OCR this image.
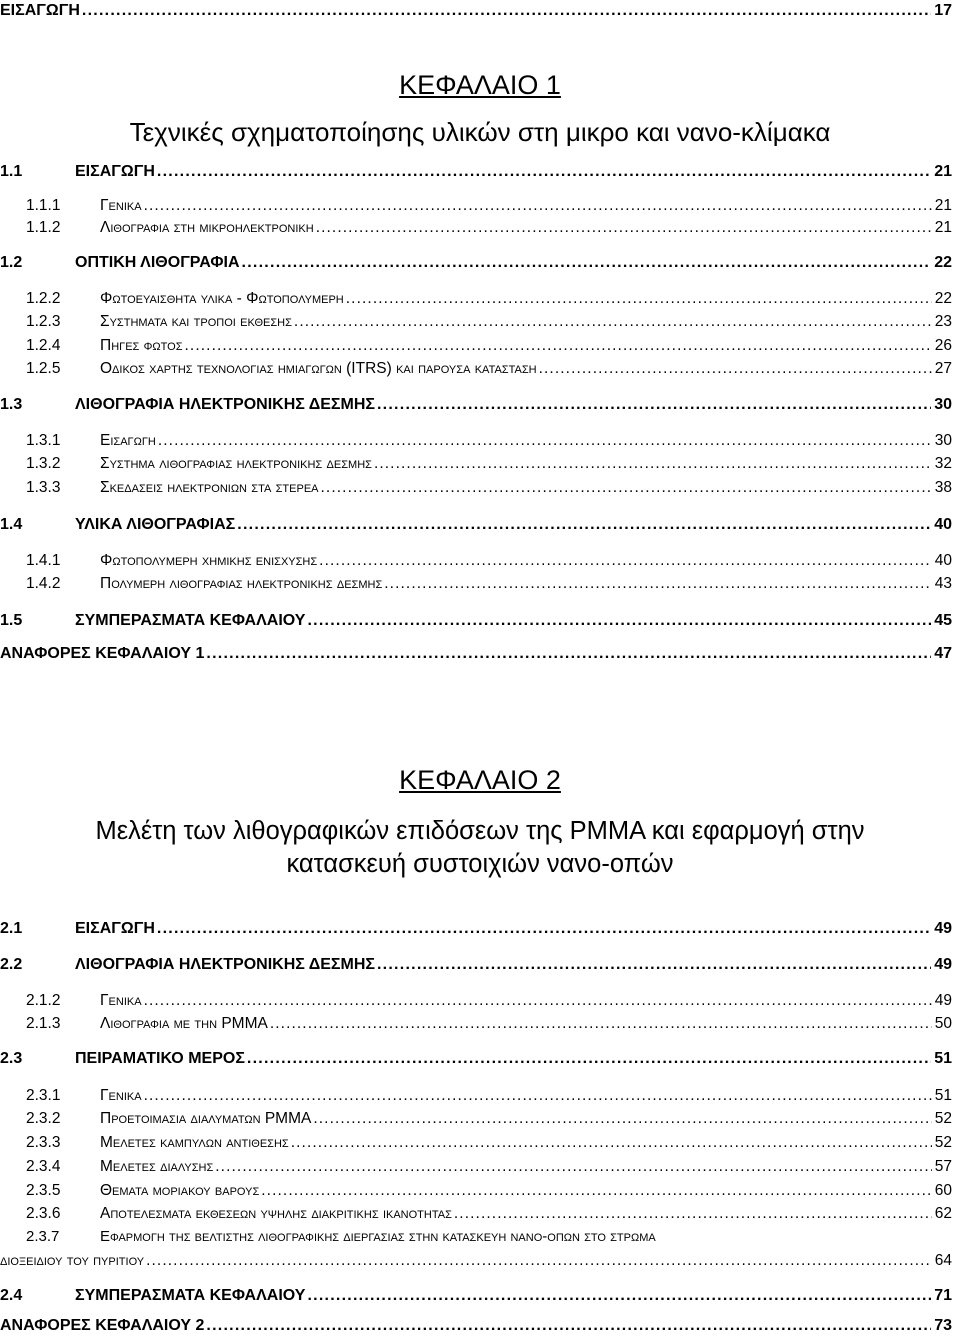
ΕΙΣΑΓΩΓΗ . . .	17
ΚΕΦΑΛΑΙΟ 1
Τεχνικές σχηματοποίησης υλικών στη μικρο και νανο-κλίμακα
1.1	ΕΙΣΑΓΩΓΗ . . .	21
1.1.1	Γενικα . . .	21
1.1.2	Λιθογραφια στη μικροηλεκτρονικη . . .	21
1.2	ΟΠΤΙΚΗ ΛΙΘΟΓΡΑΦΙΑ . . .	22
1.2.2	Φωτοευαισθητα υλικα - Φωτοπολυμερη . . .	22
1.2.3	Συστηματα και τροποι εκθεσης . . .	23
1.2.4	Πηγες φωτος . . .	26
1.2.5	Οδικος χαρτης τεχνολογιας ημιαγωγων (ITRS) και παρουσα κατασταση . . .	27
1.3	ΛΙΘΟΓΡΑΦΙΑ ΗΛΕΚΤΡΟΝΙΚΗΣ ΔΕΣΜΗΣ . . .	30
1.3.1	Εισαγωγη . . .	30
1.3.2	Συστημα λιθογραφιας ηλεκτρονικης δεσμης . . .	32
1.3.3	Σκεδασεις ηλεκτρονιων στα στερεα . . .	38
1.4	ΥΛΙΚΑ ΛΙΘΟΓΡΑΦΙΑΣ . . .	40
1.4.1	Φωτοπολυμερη χημικης ενισχυσης . . .	40
1.4.2	Πολυμερη λιθογραφιας ηλεκτρονικης δεσμης . . .	43
1.5	ΣΥΜΠΕΡΑΣΜΑΤΑ ΚΕΦΑΛΑΙΟΥ . . .	45
ΑΝΑΦΟΡΕΣ ΚΕΦΑΛΑΙΟΥ 1 . . .	47
ΚΕΦΑΛΑΙΟ 2
Μελέτη των λιθογραφικών επιδόσεων της PMMA και εφαρμογή στην
κατασκευή συστοιχιών νανο-οπών
2.1	ΕΙΣΑΓΩΓΗ . . .	49
2.2	ΛΙΘΟΓΡΑΦΙΑ ΗΛΕΚΤΡΟΝΙΚΗΣ ΔΕΣΜΗΣ . . .	49
2.1.2	Γενικα . . .	49
2.1.3	Λιθογραφια με την PMMA . . .	50
2.3	ΠΕΙΡΑΜΑΤΙΚΟ ΜΕΡΟΣ . . .	51
2.3.1	Γενικα . . .	51
2.3.2	Προετοιμασια διαλυματων PMMA . . .	52
2.3.3	Μελετες καμπυλων αντιθεσης . . .	52
2.3.4	Μελετες διαλυσης . . .	57
2.3.5	Θεματα μοριακου βαρους . . .	60
2.3.6	Αποτελεσματα εκθεσεων υψηλης διακριτικης ικανοτητας . . .	62
2.3.7	Εφαρμογη της βελτιστης λιθογραφικης διεργασιας στην κατασκευη νανο-οπων στο στρωμα
διοξειδιου του πυριτιου . . .	64
2.4	ΣΥΜΠΕΡΑΣΜΑΤΑ ΚΕΦΑΛΑΙΟΥ . . .	71
ΑΝΑΦΟΡΕΣ ΚΕΦΑΛΑΙΟΥ 2 . . .	73
